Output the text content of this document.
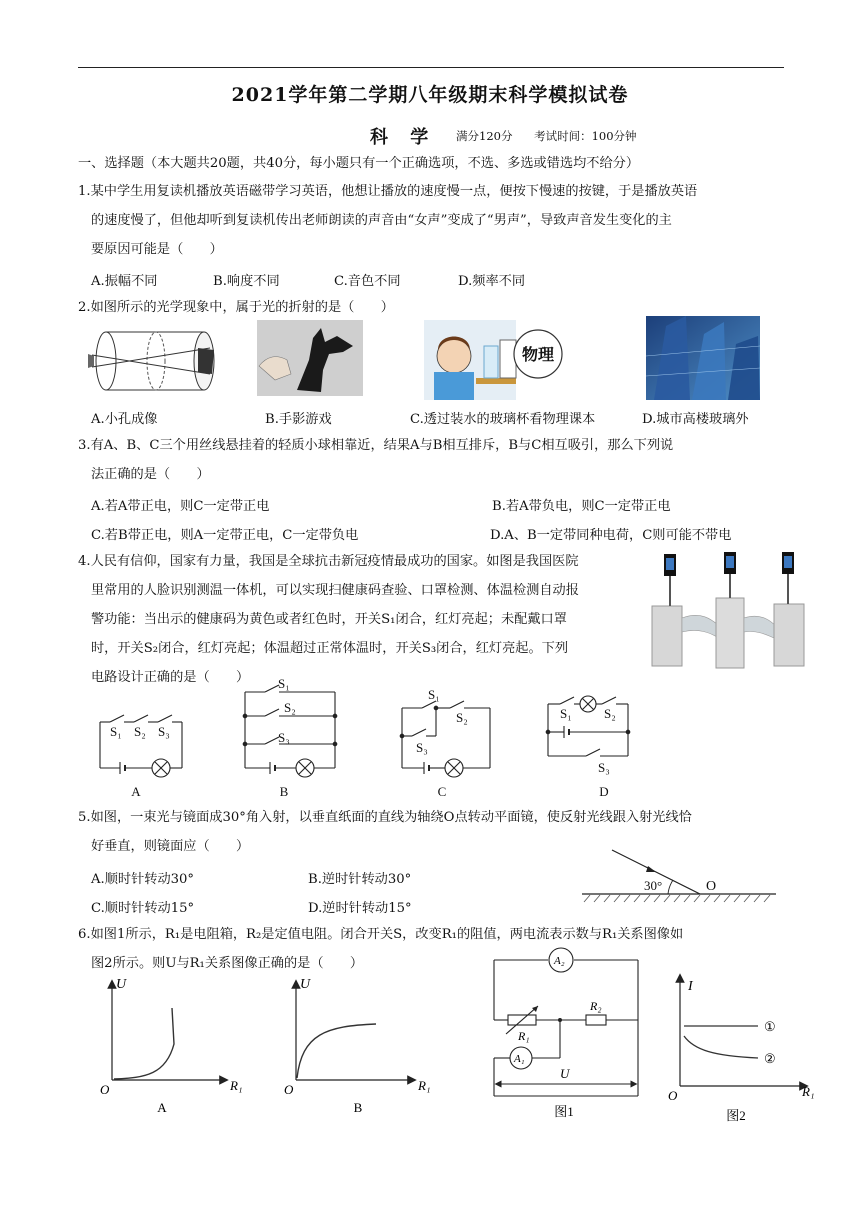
2021学年第二学期八年级期末科学模拟试卷
科 学 满分120分 考试时间：100分钟
一、选择题（本大题共20题，共40分，每小题只有一个正确选项，不选、多选或错选均不给分）
1.某中学生用复读机播放英语磁带学习英语，他想让播放的速度慢一点，便按下慢速的按键，于是播放英语
的速度慢了，但他却听到复读机传出老师朗读的声音由“女声”变成了“男声”，导致声音发生变化的主
要原因可能是（　　）
A.振幅不同	B.响度不同	C.音色不同	D.频率不同
2.如图所示的光学现象中，属于光的折射的是（　　）
物理
A.小孔成像	B.手影游戏	C.透过装水的玻璃杯看物理课本	D.城市高楼玻璃外
3.有A、B、C三个用丝线悬挂着的轻质小球相靠近，结果A与B相互排斥，B与C相互吸引，那么下列说
法正确的是（　　）
A.若A带正电，则C一定带正电	B.若A带负电，则C一定带正电
C.若B带正电，则A一定带正电，C一定带负电	D.A、B一定带同种电荷，C则可能不带电
4.人民有信仰，国家有力量，我国是全球抗击新冠疫情最成功的国家。如图是我国医院
里常用的人脸识别测温一体机，可以实现扫健康码查验、口罩检测、体温检测自动报
警功能：当出示的健康码为黄色或者红色时，开关S₁闭合，红灯亮起；未配戴口罩
时，开关S₂闭合，红灯亮起；体温超过正常体温时，开关S₃闭合，红灯亮起。下列
电路设计正确的是（　　）
S₁ S₂ S₃
S₁
S₂
S₃
S₁
S₂
S₃
S₁ S₂
S₃
A	B	C	D
5.如图，一束光与镜面成30°角入射，以垂直纸面的直线为轴绕O点转动平面镜，使反射光线跟入射光线恰
好垂直，则镜面应（　　）
A.顺时针转动30°	B.逆时针转动30°
C.顺时针转动15°	D.逆时针转动15°
30°	O
6.如图1所示，R₁是电阻箱，R₂是定值电阻。闭合开关S，改变R₁的阻值，两电流表示数与R₁关系图像如
图2所示。则U与R₁关系图像正确的是（　　）
U
R₁
O
A
U
R₁
O
B
A₂
A₁
R₁
R₂
U
图1
I
R₁
O
①
②
图2
